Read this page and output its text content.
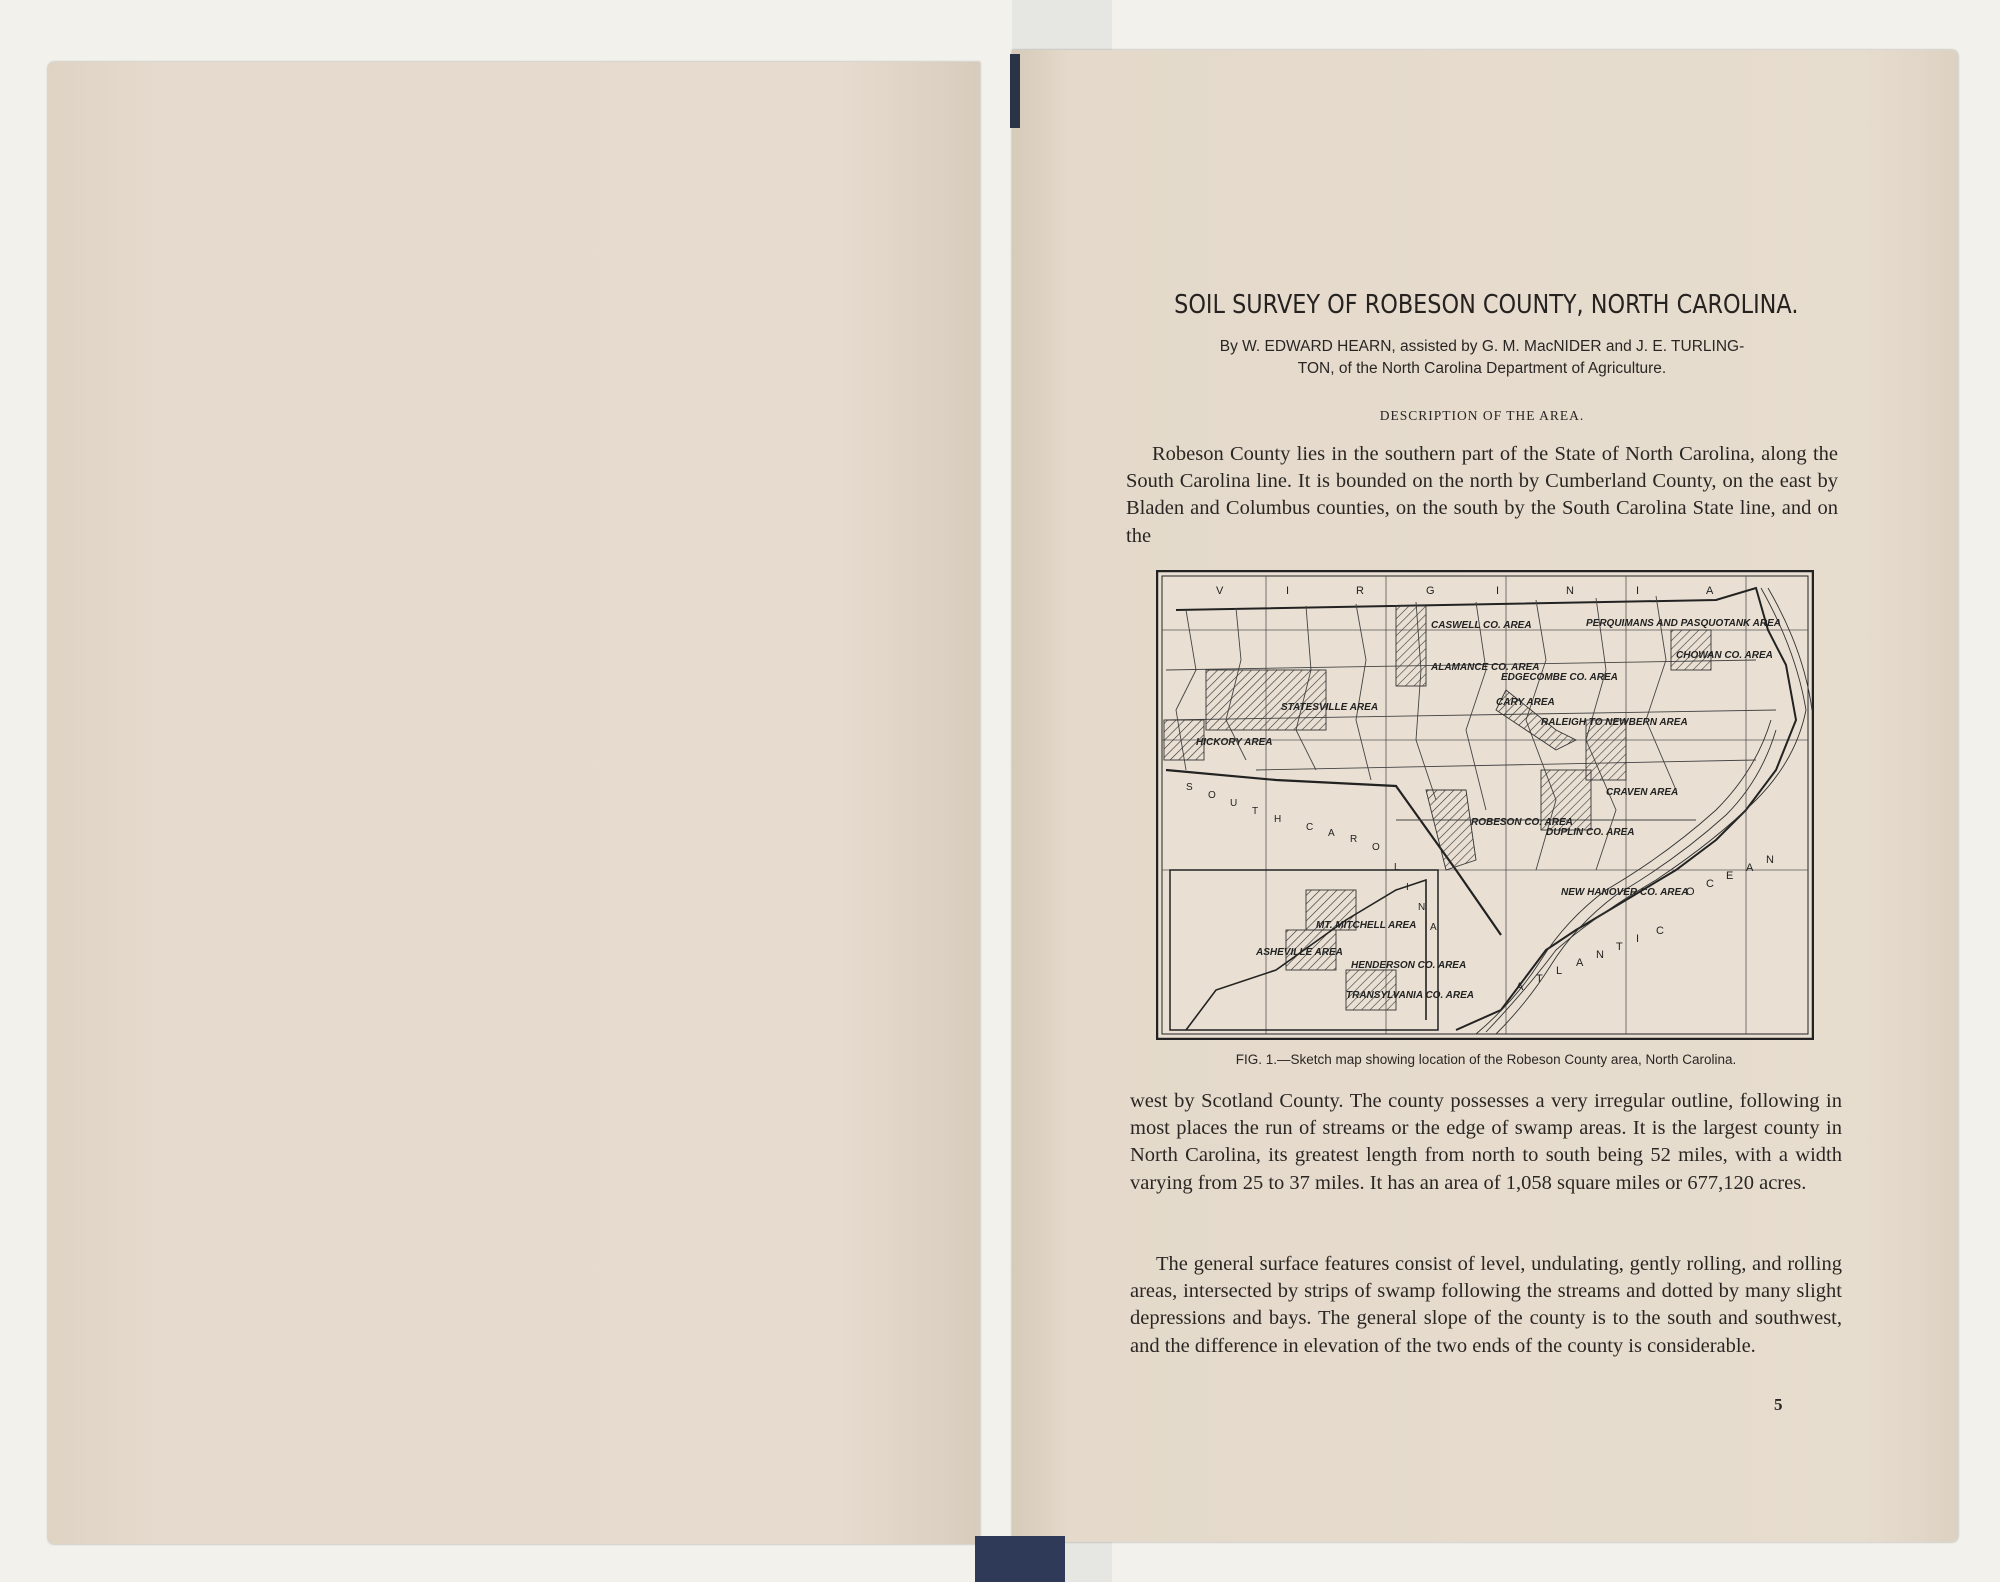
SOIL SURVEY OF ROBESON COUNTY, NORTH CAROLINA.
By W. EDWARD HEARN, assisted by G. M. MacNIDER and J. E. TURLING-
TON, of the North Carolina Department of Agriculture.
DESCRIPTION OF THE AREA.

Robeson County lies in the southern part of the State of North Carolina, along the South Carolina line. It is bounded on the north by Cumberland County, on the east by Bladen and Columbus counties, on the south by the South Carolina State line, and on the

V	I	R	G	I	N	I	A
S
O
U
T
H
C
A
R
O
L
I
N
A
A
T
L
A
N
T
I
C
O
C
E
A
N
CASWELL CO. AREA
ALAMANCE CO. AREA
PERQUIMANS AND PASQUOTANK AREA
CHOWAN CO. AREA
EDGECOMBE CO. AREA
STATESVILLE AREA	CARY AREA
RALEIGH TO NEWBERN AREA
HICKORY AREA
CRAVEN AREA
ROBESON CO. AREA
DUPLIN CO. AREA
NEW HANOVER CO. AREA
MT. MITCHELL AREA
ASHEVILLE AREA
HENDERSON CO. AREA
TRANSYLVANIA CO. AREA
FIG. 1.—Sketch map showing location of the Robeson County area, North Carolina.

west by Scotland County. The county possesses a very irregular outline, following in most places the run of streams or the edge of swamp areas. It is the largest county in North Carolina, its greatest length from north to south being 52 miles, with a width varying from 25 to 37 miles. It has an area of 1,058 square miles or 677,120 acres.

The general surface features consist of level, undulating, gently rolling, and rolling areas, intersected by strips of swamp following the streams and dotted by many slight depressions and bays. The general slope of the county is to the south and southwest, and the difference in elevation of the two ends of the county is considerable.

5
